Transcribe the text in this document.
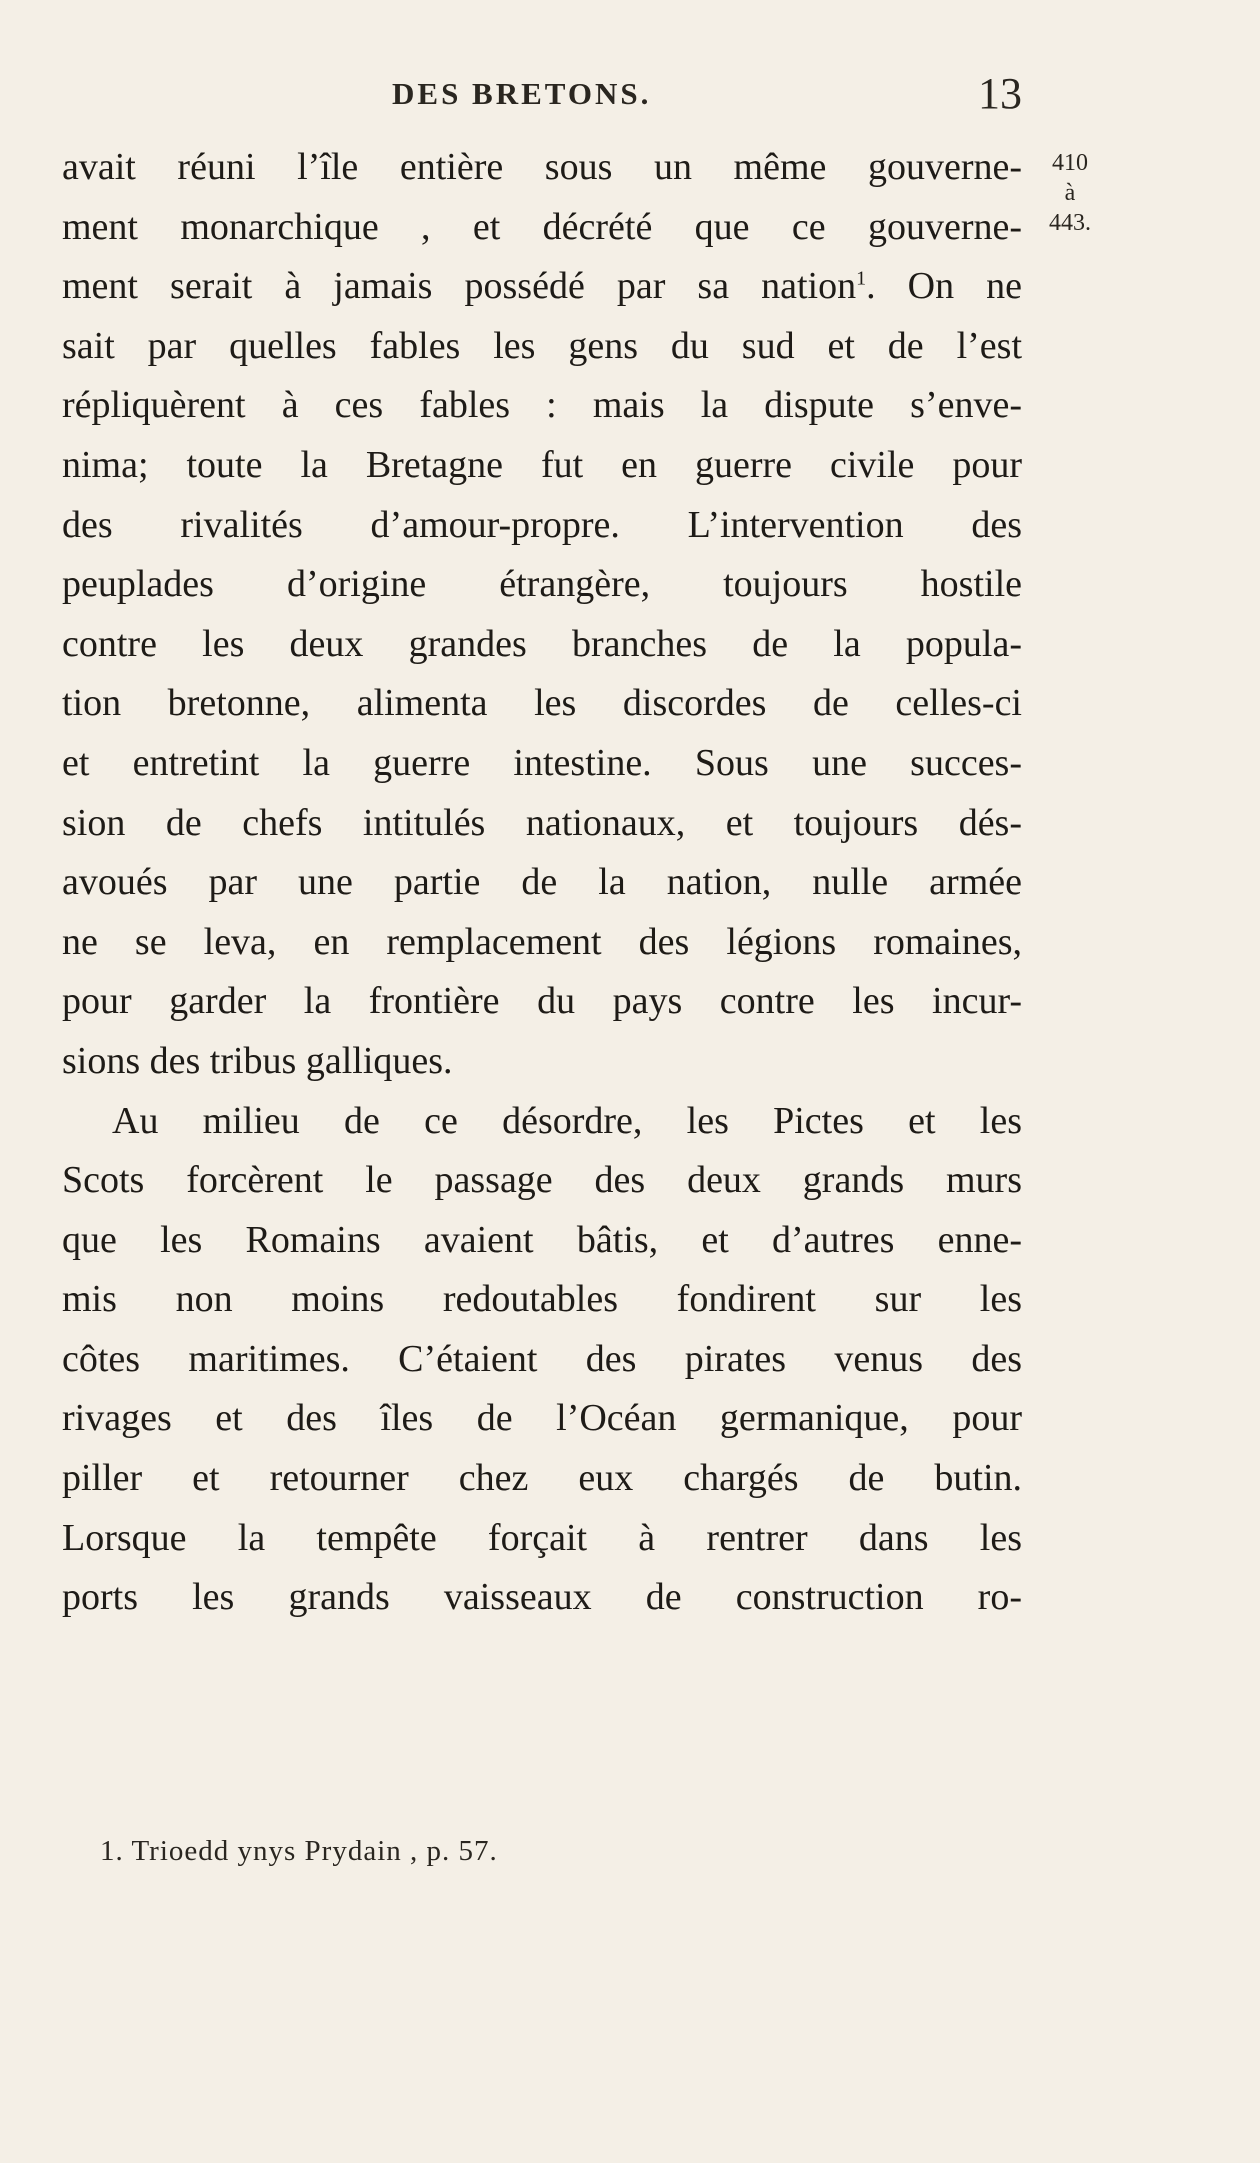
DES BRETONS.	13
410
à
443.
avait réuni l’île entière sous un même gouverne-
ment monarchique , et décrété que ce gouverne-
ment serait à jamais possédé par sa nation$^1$. On ne
sait par quelles fables les gens du sud et de l’est
répliquèrent à ces fables : mais la dispute s’enve-
nima; toute la Bretagne fut en guerre civile pour
des rivalités d’amour-propre. L’intervention des
peuplades d’origine étrangère, toujours hostile
contre les deux grandes branches de la popula-
tion bretonne, alimenta les discordes de celles-ci
et entretint la guerre intestine. Sous une succes-
sion de chefs intitulés nationaux, et toujours dés-
avoués par une partie de la nation, nulle armée
ne se leva, en remplacement des légions romaines,
pour garder la frontière du pays contre les incur-
sions des tribus galliques.
Au milieu de ce désordre, les Pictes et les
Scots forcèrent le passage des deux grands murs
que les Romains avaient bâtis, et d’autres enne-
mis non moins redoutables fondirent sur les
côtes maritimes. C’étaient des pirates venus des
rivages et des îles de l’Océan germanique, pour
piller et retourner chez eux chargés de butin.
Lorsque la tempête forçait à rentrer dans les
ports les grands vaisseaux de construction ro-
1. Trioedd ynys Prydain , p. 57.
